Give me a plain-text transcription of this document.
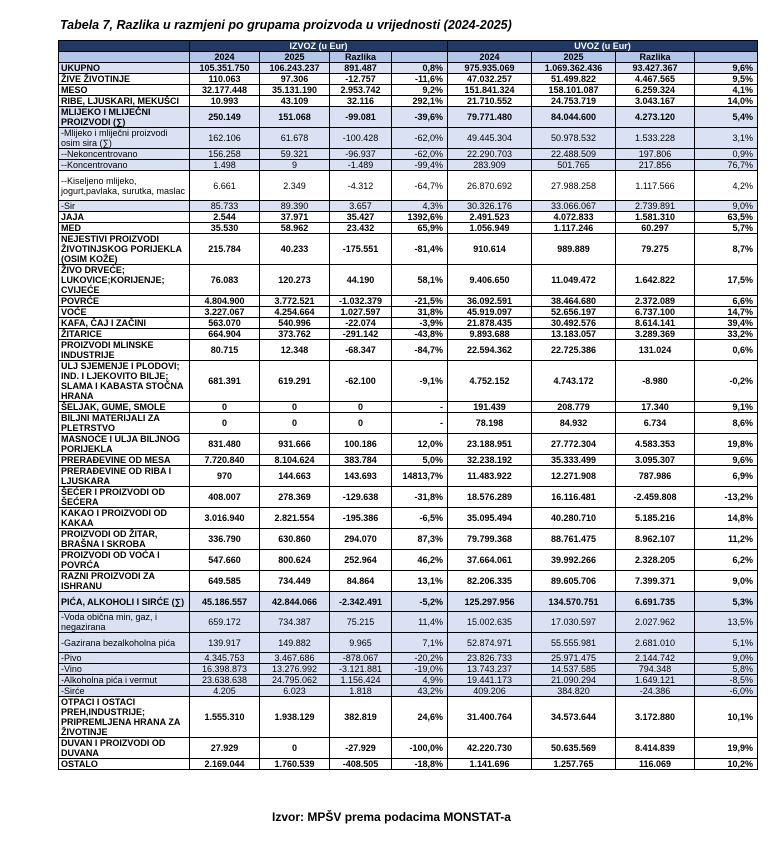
Tabela 7, Razlika u razmjeni po grupama proizvoda u vrijednosti (2024-2025)
	IZVOZ (u Eur)				UVOZ (u Eur)			
	2024	2025	Razlika		2024	2025	Razlika	
UKUPNO	105.351.750	106.243.237	891.487	0,8%	975.935.069	1.069.362.436	93.427.367	9,6%
ŽIVE ŽIVOTINJE	110.063	97.306	-12.757	-11,6%	47.032.257	51.499.822	4.467.565	9,5%
MESO	32.177.448	35.131.190	2.953.742	9,2%	151.841.324	158.101.087	6.259.324	4,1%
RIBE, LJUSKARI, MEKUŠCI	10.993	43.109	32.116	292,1%	21.710.552	24.753.719	3.043.167	14,0%
MLIJEKO I MLIJEČNI PROIZVODI (∑)	250.149	151.068	-99.081	-39,6%	79.771.480	84.044.600	4.273.120	5,4%
-Mlijeko i mliječni proizvodi osim sira (∑)	162.106	61.678	-100.428	-62,0%	49.445.304	50.978.532	1.533.228	3,1%
--Nekoncentrovano	156.258	59.321	-96.937	-62,0%	22.290.703	22.488.509	197.806	0,9%
--Koncentrovano	1.498	9	-1.489	-99,4%	283.909	501.765	217.856	76,7%
--Kiseljeno mlijeko, jogurt,pavlaka, surutka, maslac	6.661	2.349	-4.312	-64,7%	26.870.692	27.988.258	1.117.566	4,2%
-Sir	85.733	89.390	3.657	4,3%	30.326.176	33.066.067	2.739.891	9,0%
JAJA	2.544	37.971	35.427	1392,6%	2.491.523	4.072.833	1.581.310	63,5%
MED	35.530	58.962	23.432	65,9%	1.056.949	1.117.246	60.297	5,7%
NEJESTIVI PROIZVODI ŽIVOTINJSKOG PORIJEKLA (OSIM KOŽE)	215.784	40.233	-175.551	-81,4%	910.614	989.889	79.275	8,7%
ŽIVO DRVEĆE; LUKOVICE;KORIJENJE; CVIJEĆE	76.083	120.273	44.190	58,1%	9.406.650	11.049.472	1.642.822	17,5%
POVRĆE	4.804.900	3.772.521	-1.032.379	-21,5%	36.092.591	38.464.680	2.372.089	6,6%
VOĆE	3.227.067	4.254.664	1.027.597	31,8%	45.919.097	52.656.197	6.737.100	14,7%
KAFA, ČAJ I ZAČINI	563.070	540.996	-22.074	-3,9%	21.878.435	30.492.576	8.614.141	39,4%
ŽITARICE	664.904	373.762	-291.142	-43,8%	9.893.688	13.183.057	3.289.369	33,2%
PROIZVODI MLINSKE INDUSTRIJE	80.715	12.348	-68.347	-84,7%	22.594.362	22.725.386	131.024	0,6%
ULJ SJEMENJE I PLODOVI; IND. I LJEKOVITO BILJE; SLAMA I KABASTA STOČNA HRANA	681.391	619.291	-62.100	-9,1%	4.752.152	4.743.172	-8.980	-0,2%
ŠELJAK, GUME, SMOLE	0	0	0	-	191.439	208.779	17.340	9,1%
BILJNI MATERIJALI ZA PLETRSTVO	0	0	0	-	78.198	84.932	6.734	8,6%
MASNOĆE I ULJA BILJNOG PORIJEKLA	831.480	931.666	100.186	12,0%	23.188.951	27.772.304	4.583.353	19,8%
PRERAĐEVINE OD MESA	7.720.840	8.104.624	383.784	5,0%	32.238.192	35.333.499	3.095.307	9,6%
PRERAĐEVINE OD RIBA I LJUSKARA	970	144.663	143.693	14813,7%	11.483.922	12.271.908	787.986	6,9%
ŠEĆER I PROIZVODI OD ŠEĆERA	408.007	278.369	-129.638	-31,8%	18.576.289	16.116.481	-2.459.808	-13,2%
KAKAO I PROIZVODI OD KAKAA	3.016.940	2.821.554	-195.386	-6,5%	35.095.494	40.280.710	5.185.216	14,8%
PROIZVODI OD ŽITAR, BRAŠNA I SKROBA	336.790	630.860	294.070	87,3%	79.799.368	88.761.475	8.962.107	11,2%
PROIZVODI OD VOĆA I POVRĆA	547.660	800.624	252.964	46,2%	37.664.061	39.992.266	2.328.205	6,2%
RAZNI PROIZVODI ZA ISHRANU	649.585	734.449	84.864	13,1%	82.206.335	89.605.706	7.399.371	9,0%
PIĆA, ALKOHOLI I SIRĆE (∑)	45.186.557	42.844.066	-2.342.491	-5,2%	125.297.956	134.570.751	6.691.735	5,3%
-Voda obična min, gaz, i negazirana	659.172	734.387	75.215	11,4%	15.002.635	17.030.597	2.027.962	13,5%
-Gazirana bezalkoholna pića	139.917	149.882	9.965	7,1%	52.874.971	55.555.981	2.681.010	5,1%
-Pivo	4.345.753	3.467.686	-878.067	-20,2%	23.826.733	25.971.475	2.144.742	9,0%
-Vino	16.398.873	13.276.992	-3.121.881	-19,0%	13.743.237	14.537.585	794.348	5,8%
-Alkoholna pića i vermut	23.638.638	24.795.062	1.156.424	4,9%	19.441.173	21.090.294	1.649.121	-8,5%
-Sirće	4.205	6.023	1.818	43,2%	409.206	384.820	-24.386	-6,0%
OTPACI I OSTACI PREH,INDUSTRIJE; PRIPREMLJENA HRANA ZA ŽIVOTINJE	1.555.310	1.938.129	382.819	24,6%	31.400.764	34.573.644	3.172.880	10,1%
DUVAN I PROIZVODI OD DUVANA	27.929	0	-27.929	-100,0%	42.220.730	50.635.569	8.414.839	19,9%
OSTALO	2.169.044	1.760.539	-408.505	-18,8%	1.141.696	1.257.765	116.069	10,2%
Izvor: MPŠV prema podacima MONSTAT-a
